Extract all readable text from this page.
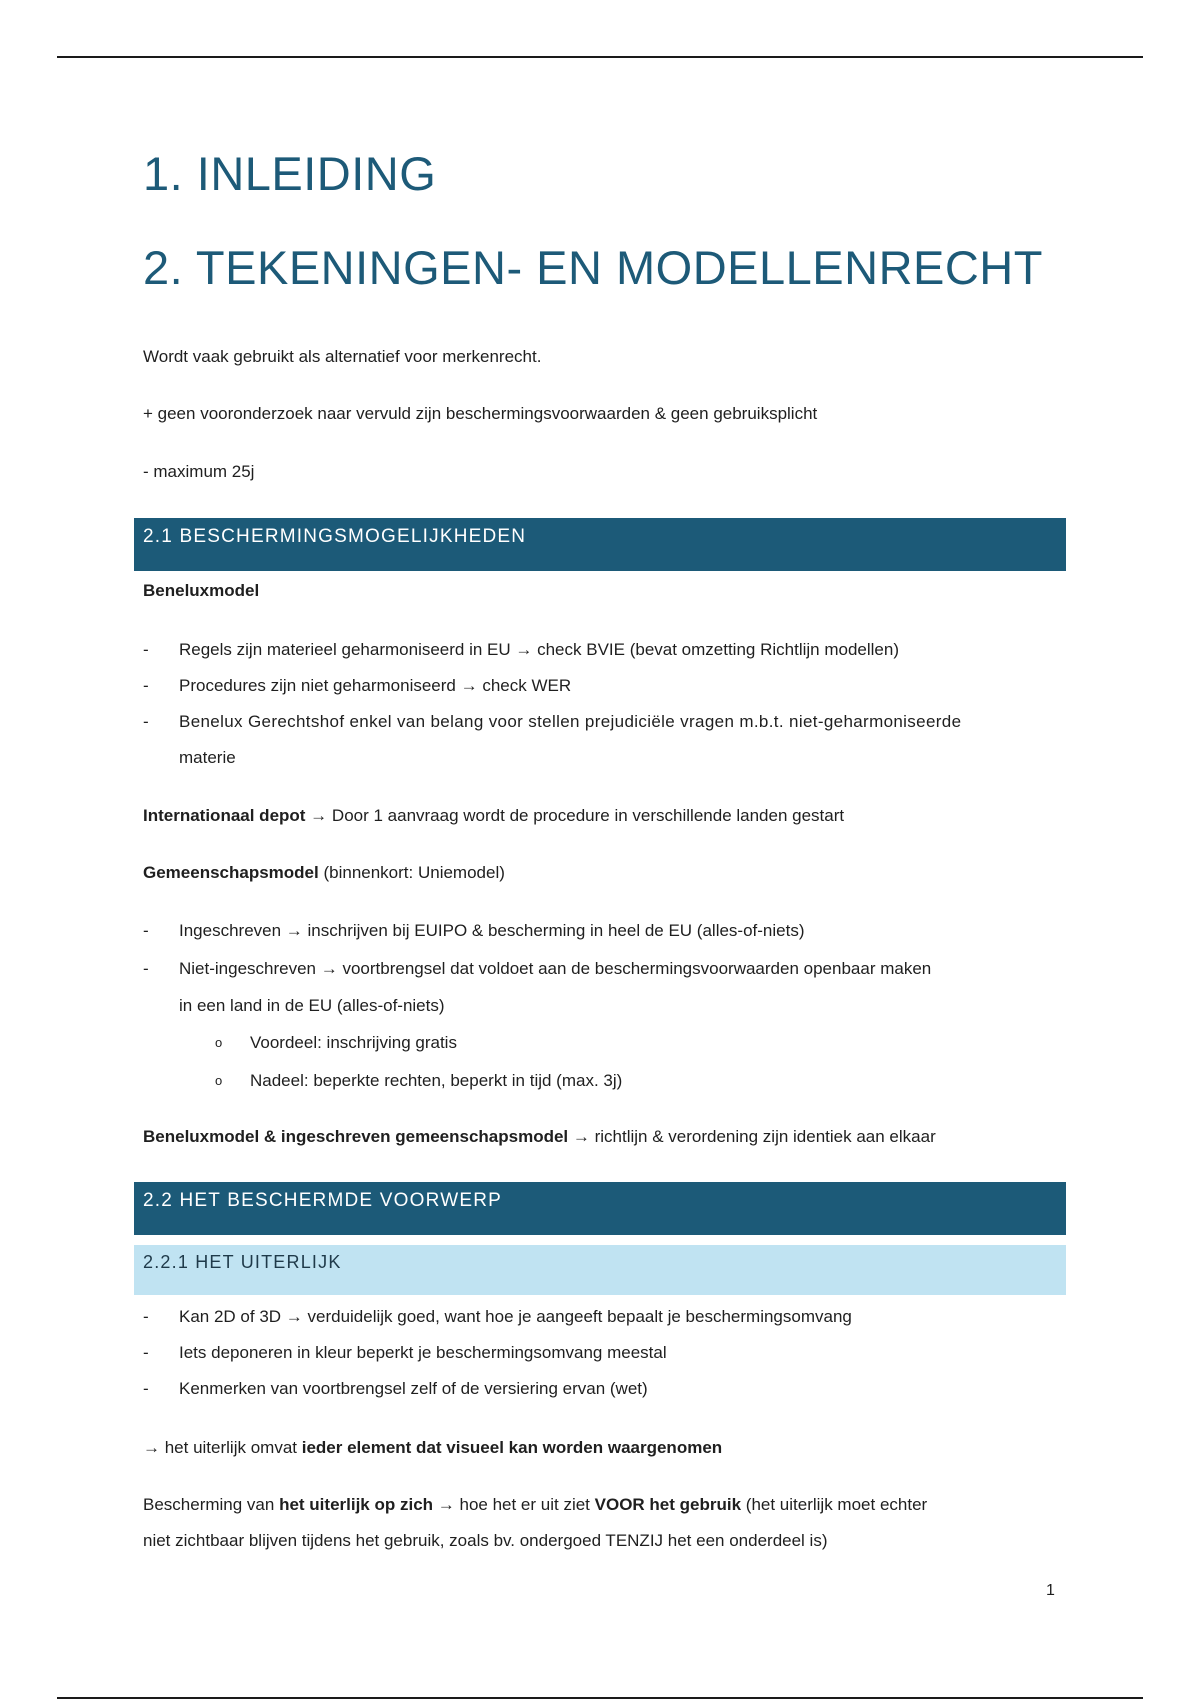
2.1 BESCHERMINGSMOGELIJKHEDEN
2.2 HET BESCHERMDE VOORWERP
2.2.1 HET UITERLIJK
1. INLEIDING
2. TEKENINGEN- EN MODELLENRECHT
Wordt vaak gebruikt als alternatief voor merkenrecht.
+ geen vooronderzoek naar vervuld zijn beschermingsvoorwaarden & geen gebruiksplicht
- maximum 25j
Beneluxmodel
- Regels zijn materieel geharmoniseerd in EU → check BVIE (bevat omzetting Richtlijn modellen)
- Procedures zijn niet geharmoniseerd → check WER
- Benelux Gerechtshof enkel van belang voor stellen prejudiciële vragen m.b.t. niet-geharmoniseerde
materie
Internationaal depot → Door 1 aanvraag wordt de procedure in verschillende landen gestart
Gemeenschapsmodel (binnenkort: Uniemodel)
- Ingeschreven → inschrijven bij EUIPO & bescherming in heel de EU (alles-of-niets)
- Niet-ingeschreven → voortbrengsel dat voldoet aan de beschermingsvoorwaarden openbaar maken
in een land in de EU (alles-of-niets)
o Voordeel: inschrijving gratis
o Nadeel: beperkte rechten, beperkt in tijd (max. 3j)
Beneluxmodel & ingeschreven gemeenschapsmodel → richtlijn & verordening zijn identiek aan elkaar
- Kan 2D of 3D → verduidelijk goed, want hoe je aangeeft bepaalt je beschermingsomvang
- Iets deponeren in kleur beperkt je beschermingsomvang meestal
- Kenmerken van voortbrengsel zelf of de versiering ervan (wet)
→ het uiterlijk omvat ieder element dat visueel kan worden waargenomen
Bescherming van het uiterlijk op zich → hoe het er uit ziet VOOR het gebruik (het uiterlijk moet echter
niet zichtbaar blijven tijdens het gebruik, zoals bv. ondergoed TENZIJ het een onderdeel is)
1
